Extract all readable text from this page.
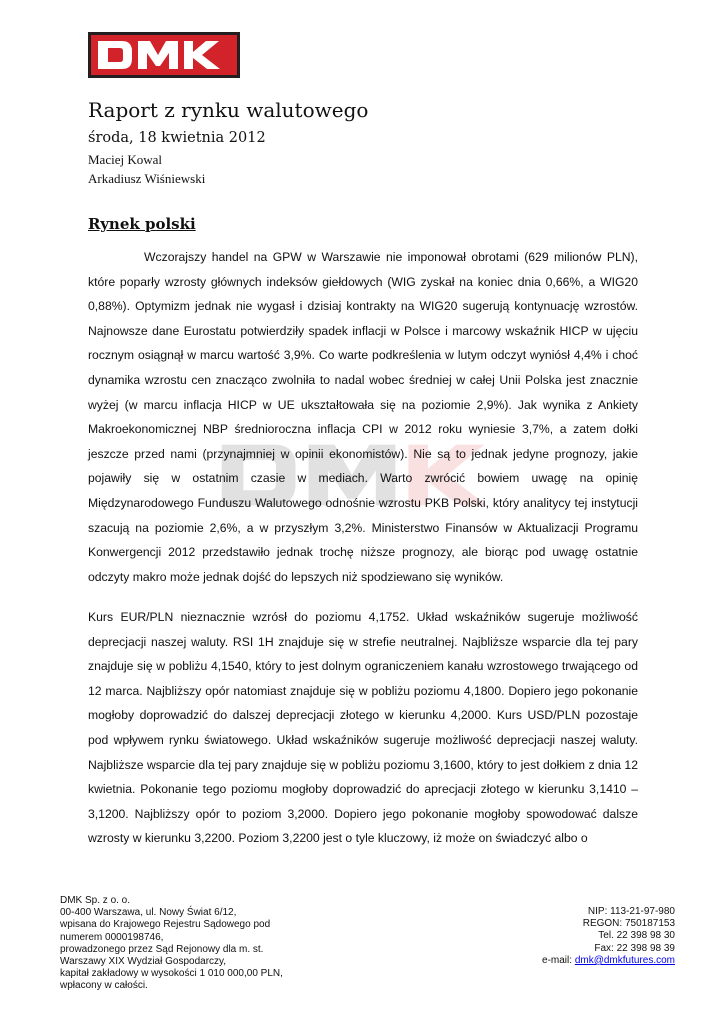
Raport z rynku walutowego
środa, 18 kwietnia 2012
Maciej Kowal
Arkadiusz Wiśniewski
Rynek polski

Wczorajszy handel na GPW w Warszawie nie imponował obrotami (629 milionów PLN), które poparły wzrosty głównych indeksów giełdowych (WIG zyskał na koniec dnia 0,66%, a WIG20 0,88%). Optymizm jednak nie wygasł i dzisiaj kontrakty na WIG20 sugerują kontynuację wzrostów. Najnowsze dane Eurostatu potwierdziły spadek inflacji w Polsce i marcowy wskaźnik HICP w ujęciu rocznym osiągnął w marcu wartość 3,9%. Co warte podkreślenia w lutym odczyt wyniósł 4,4% i choć dynamika wzrostu cen znacząco zwolniła to nadal wobec średniej w całej Unii Polska jest znacznie wyżej (w marcu inflacja HICP w UE ukształtowała się na poziomie 2,9%). Jak wynika z Ankiety Makroekonomicznej NBP średnioroczna inflacja CPI w 2012 roku wyniesie 3,7%, a zatem dołki jeszcze przed nami (przynajmniej w opinii ekonomistów). Nie są to jednak jedyne prognozy, jakie pojawiły się w ostatnim czasie w mediach. Warto zwrócić bowiem uwagę na opinię Międzynarodowego Funduszu Walutowego odnośnie wzrostu PKB Polski, który analitycy tej instytucji szacują na poziomie 2,6%, a w przyszłym 3,2%. Ministerstwo Finansów w Aktualizacji Programu Konwergencji 2012 przedstawiło jednak trochę niższe prognozy, ale biorąc pod uwagę ostatnie odczyty makro może jednak dojść do lepszych niż spodziewano się wyników.

Kurs EUR/PLN nieznacznie wzrósł do poziomu 4,1752. Układ wskaźników sugeruje możliwość deprecjacji naszej waluty. RSI 1H znajduje się w strefie neutralnej. Najbliższe wsparcie dla tej pary znajduje się w pobliżu 4,1540, który to jest dolnym ograniczeniem kanału wzrostowego trwającego od 12 marca. Najbliższy opór natomiast znajduje się w pobliżu poziomu 4,1800. Dopiero jego pokonanie mogłoby doprowadzić do dalszej deprecjacji złotego w kierunku 4,2000. Kurs USD/PLN pozostaje pod wpływem rynku światowego. Układ wskaźników sugeruje możliwość deprecjacji naszej waluty. Najbliższe wsparcie dla tej pary znajduje się w pobliżu poziomu 3,1600, który to jest dołkiem z dnia 12 kwietnia. Pokonanie tego poziomu mogłoby doprowadzić do aprecjacji złotego w kierunku 3,1410 – 3,1200. Najbliższy opór to poziom 3,2000. Dopiero jego pokonanie mogłoby spowodować dalsze wzrosty w kierunku 3,2200. Poziom 3,2200 jest o tyle kluczowy, iż może on świadczyć albo o

DMK Sp. z o. o.
00-400 Warszawa, ul. Nowy Świat 6/12,
wpisana do Krajowego Rejestru Sądowego pod
numerem 0000198746,
prowadzonego przez Sąd Rejonowy dla m. st.
Warszawy XIX Wydział Gospodarczy,
kapitał zakładowy w wysokości 1 010 000,00 PLN,
wpłacony w całości.
NIP: 113-21-97-980
REGON: 750187153
Tel. 22 398 98 30
Fax: 22 398 98 39
e-mail: dmk@dmkfutures.com
